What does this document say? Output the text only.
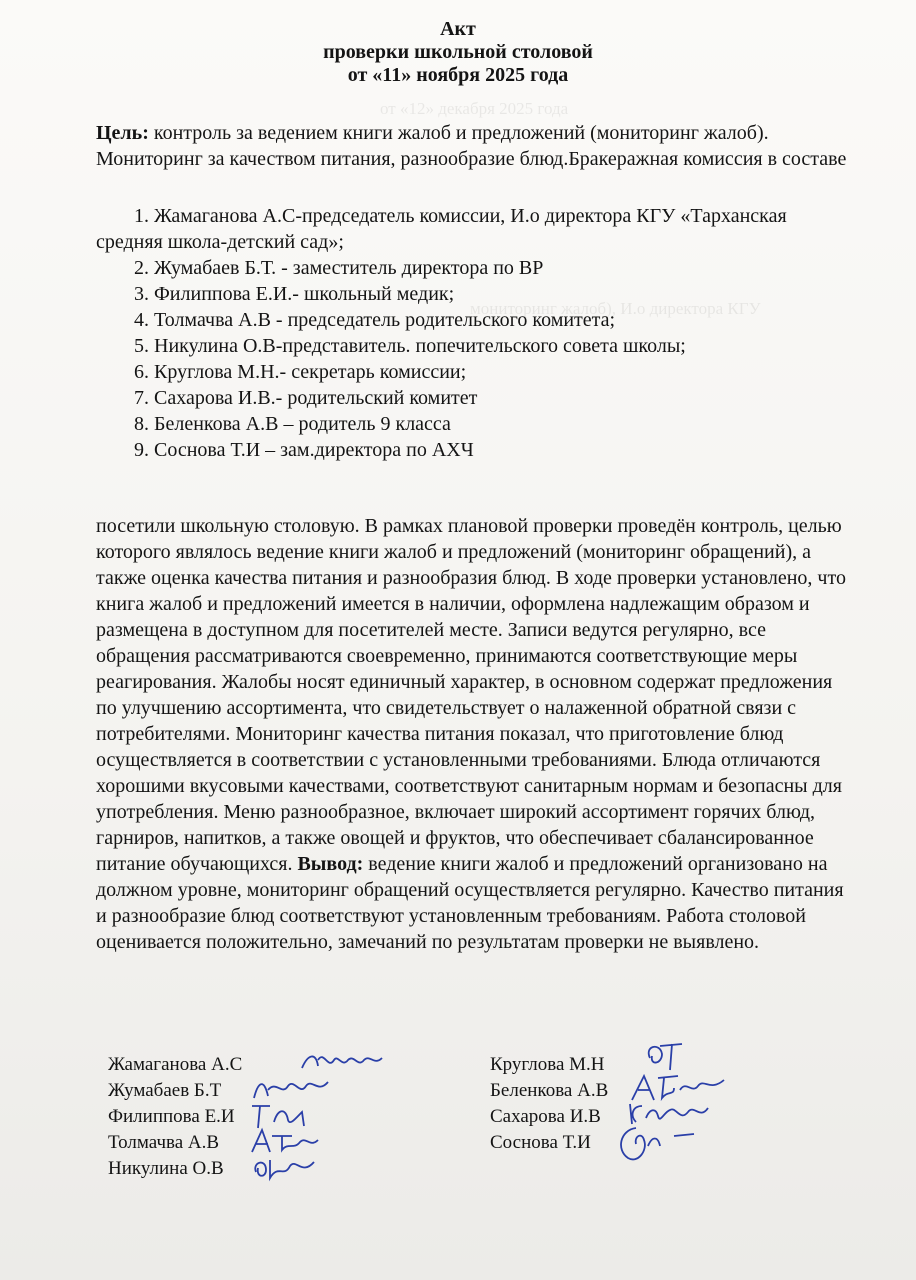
от «12» декабря 2025 года
мониторинг жалоб), И.о директора КГУ
Акт
проверки школьной столовой
от «11» ноября 2025 года
Цель: контроль за ведением книги жалоб и предложений (мониторинг жалоб). Мониторинг за качеством питания, разнообразие блюд.Бракеражная комиссия в составе
1. Жамаганова А.С-председатель комиссии, И.о директора КГУ «Тарханская средняя школа-детский сад»;
2. Жумабаев Б.Т. - заместитель директора по ВР
3. Филиппова Е.И.- школьный медик;
4. Толмачва А.В - председатель родительского комитета;
5. Никулина О.В-представитель. попечительского совета школы;
6. Круглова М.Н.- секретарь комиссии;
7. Сахарова И.В.- родительский комитет
8. Беленкова А.В – родитель 9 класса
9. Соснова Т.И – зам.директора по АХЧ
посетили школьную столовую. В рамках плановой проверки проведён контроль, целью которого являлось ведение книги жалоб и предложений (мониторинг обращений), а также оценка качества питания и разнообразия блюд. В ходе проверки установлено, что книга жалоб и предложений имеется в наличии, оформлена надлежащим образом и размещена в доступном для посетителей месте. Записи ведутся регулярно, все обращения рассматриваются своевременно, принимаются соответствующие меры реагирования. Жалобы носят единичный характер, в основном содержат предложения по улучшению ассортимента, что свидетельствует о налаженной обратной связи с потребителями. Мониторинг качества питания показал, что приготовление блюд осуществляется в соответствии с установленными требованиями. Блюда отличаются хорошими вкусовыми качествами, соответствуют санитарным нормам и безопасны для употребления. Меню разнообразное, включает широкий ассортимент горячих блюд, гарниров, напитков, а также овощей и фруктов, что обеспечивает сбалансированное питание обучающихся. Вывод: ведение книги жалоб и предложений организовано на должном уровне, мониторинг обращений осуществляется регулярно. Качество питания и разнообразие блюд соответствуют установленным требованиям. Работа столовой оценивается положительно, замечаний по результатам проверки не выявлено.
Жамаганова А.С
Жумабаев Б.Т
Филиппова Е.И
Толмачва А.В
Никулина О.В
Круглова М.Н
Беленкова А.В
Сахарова И.В
Соснова Т.И
